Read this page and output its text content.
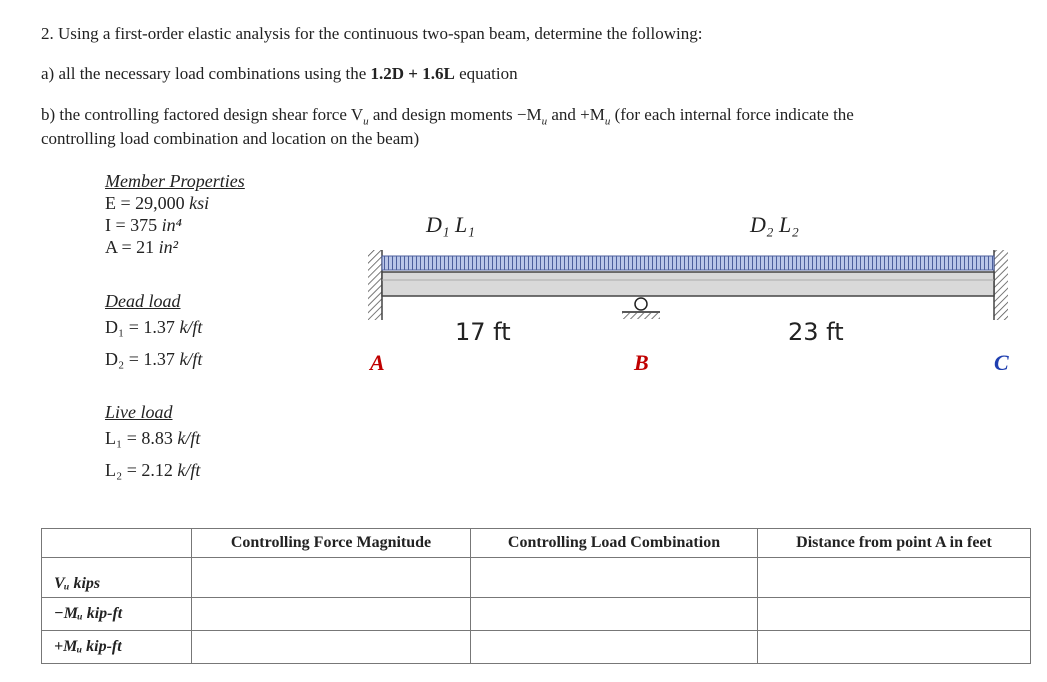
2. Using a first-order elastic analysis for the continuous two-span beam, determine the following:
a) all the necessary load combinations using the 1.2D + 1.6L equation
b) the controlling factored design shear force $V_u$ and design moments $-M_u$ and $+M_u$ (for each internal force indicate the
controlling load combination and location on the beam)
Member Properties
E = 29,000 ksi
I = 375 in⁴
A = 21 in²
Dead load
D₁ = 1.37 k/ft
D₂ = 1.37 k/ft
Live load
L₁ = 8.83 k/ft
L₂ = 2.12 k/ft
D₁ L₁	D₂ L₂
17 ft	23 ft
A	B	C
	Controlling Force Magnitude	Controlling Load Combination	Distance from point A in feet
Vᵤ kips			
−Mᵤ kip-ft			
+Mᵤ kip-ft			
